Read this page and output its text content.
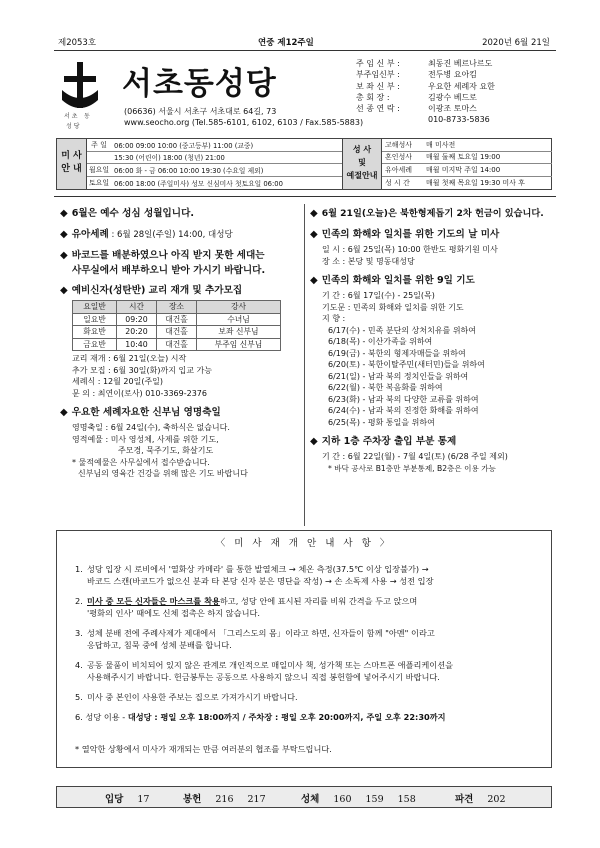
제2053호	연중 제12주일	2020년 6월 21일
서 초 동
성 당
서초동성당
(06636) 서울시 서초구 서초대로 64길, 73
www.seocho.org (Tel.585-6101, 6102, 6103 / Fax.585-5883)
주 임 신 부 :	최동진 베르나르도
부주임신부 :	전두병 요아킴
보 좌 신 부 :	우요한 세례자 요한
총 회 장 :	김광수 베드로
선 종 연 락 :	이광조 토마스
010-8733-5836
미 사
안 내
주 일	06:00 09:00 10:00 (중고등부) 11:00 (교중)
15:30 (어린이) 18:00 (청년) 21:00
월요일 06:00 화 - 금 06:00 10:00 19:30 (수요일 제외)
토요일 06:00 18:00 (주일미사) 성모 신심미사 첫토요일 06:00
성 사
및
예절안내
고해성사	매 미사전
혼인성사	매월 둘째 토요일 19:00
유아세례	매월 미지막 주일 14:00
성 시 간	매월 첫째 목요일 19:30 미사 후
◆ 6월은 예수 성심 성월입니다.
◆ 유아세례 : 6월 28일(주일) 14:00, 대성당
◆ 바코드를 배분하였으나 아직 받지 못한 세대는
사무실에서 배부하오니 받아 가시기 바랍니다.
◆ 예비신자(성탄반) 교리 재개 및 추가모집
요일반	시간	장소	강사
일요반	09:20	대건홀	수녀님
화요반	20:20	대건홀	보좌 신부님
금요반	10:40	대건홀	부주임 신부님
교리 재개 : 6월 21일(오늘) 시작
추가 모집 : 6월 30일(화)까지 입교 가능
세례식 : 12월 20일(주일)
문 의 : 최연이(로사) 010-3369-2376
◆ 우요한 세례자요한 신부님 영명축일
영명축일 : 6월 24일(수), 축하식은 없습니다.
영적예물 : 미사 영성체, 사제를 위한 기도,
주모경, 묵주기도, 화살기도
* 물적예물은 사무실에서 접수받습니다.
신부님의 영육간 건강을 위해 많은 기도 바랍니다
◆ 6월 21일(오늘)은 북한형제돕기 2차 헌금이 있습니다.
◆ 민족의 화해와 일치를 위한 기도의 날 미사
일 시 : 6월 25일(목) 10:00 한반도 평화기원 미사
장 소 : 본당 및 명동대성당
◆ 민족의 화해와 일치를 위한 9일 기도
기 간 : 6월 17일(수) - 25일(목)
기도문 : 민족의 화해와 일치를 위한 기도
지 향 :
6/17(수) - 민족 분단의 상처치유를 위하여
6/18(목) - 이산가족을 위하여
6/19(금) - 북한의 형제자매들을 위하여
6/20(토) - 북한이탈주민(새터민)들을 위하여
6/21(일) - 남과 북의 정치인들을 위하여
6/22(월) - 북한 복음화를 위하여
6/23(화) - 남과 북의 다양한 교류를 위하여
6/24(수) - 남과 북의 진정한 화해를 위하여
6/25(목) - 평화 통일을 위하여
◆ 지하 1층 주차장 출입 부분 통제
기 간 : 6월 22일(월) - 7월 4일(토) (6/28 주일 제외)
* 바닥 공사로 B1층만 부분통제, B2층은 이용 가능
〈 미 사 재 개 안 내 사 항 〉
1. 성당 입장 시 로비에서 '열화상 카메라' 를 통한 발열체크 → 체온 측정(37.5℃ 이상 입장불가) →
바코드 스캔(바코드가 없으신 분과 타 본당 신자 분은 명단을 작성) → 손 소독제 사용 → 성전 입장
2. 미사 중 모든 신자들은 마스크를 착용하고, 성당 안에 표시된 자리를 비워 간격을 두고 앉으며
'평화의 인사' 때에도 신체 접촉은 하지 않습니다.
3. 성체 분배 전에 주례사제가 제대에서 「그리스도의 몸」이라고 하면, 신자들이 함께 "아멘" 이라고
응답하고, 침묵 중에 성체 분배를 합니다.
4. 공동 물품이 비치되어 있지 않은 관계로 개인적으로 매일미사 책, 성가책 또는 스마트폰 애플리케이션을
사용해주시기 바랍니다. 헌금봉투는 공동으로 사용하지 않으니 직접 봉헌함에 넣어주시기 바랍니다.
5. 미사 중 본인이 사용한 주보는 집으로 가져가시기 바랍니다.
6. 성당 이용 - 대성당 : 평일 오후 18:00까지 / 주차장 : 평일 오후 20:00까지, 주일 오후 22:30까지
* 열악한 상황에서 미사가 재개되는 만큼 여러분의 협조를 부탁드립니다.
입당 17	봉헌 216 217	성체 160 159 158	파견 202
